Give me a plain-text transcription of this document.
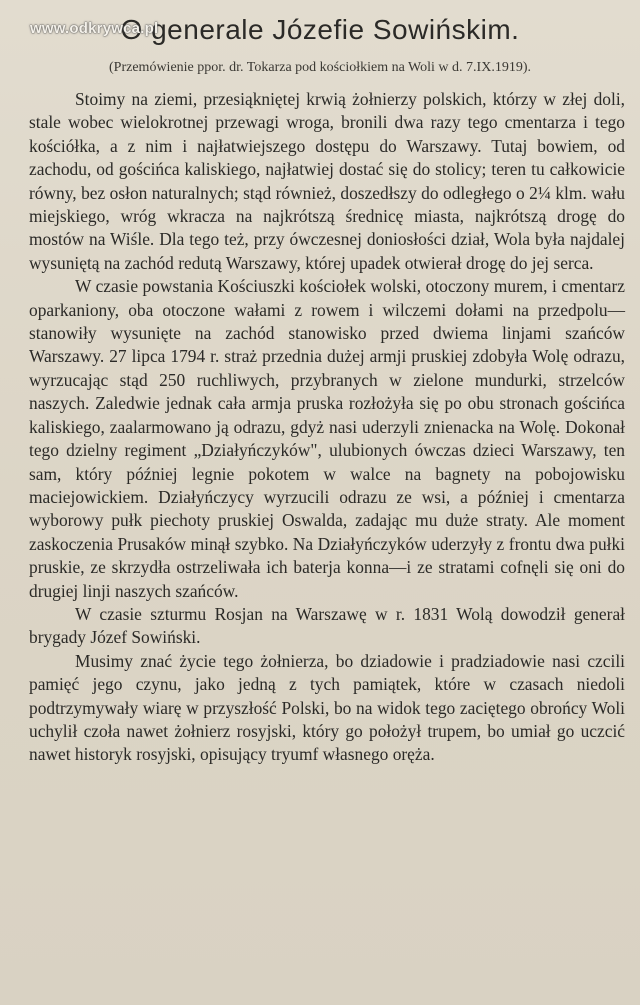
www.odkrywca.pl
O generale Józefie Sowińskim.

(Przemówienie ppor. dr. Tokarza pod kościołkiem na Woli w d. 7.IX.1919).

Stoimy na ziemi, przesiąkniętej krwią żołnierzy polskich, którzy w złej doli, stale wobec wielokrotnej przewagi wroga, bronili dwa razy tego cmentarza i tego kościółka, a z nim i najłatwiejszego dostępu do Warszawy. Tutaj bowiem, od zachodu, od gościńca kaliskiego, najłatwiej dostać się do stolicy; teren tu całkowicie równy, bez osłon naturalnych; stąd również, doszedłszy do odległego o 2¼ klm. wału miejskiego, wróg wkracza na najkrótszą średnicę miasta, najkrótszą drogę do mostów na Wiśle. Dla tego też, przy ówczesnej doniosłości dział, Wola była najdalej wysuniętą na zachód redutą Warszawy, której upadek otwierał drogę do jej serca.

W czasie powstania Kościuszki kościołek wolski, otoczony murem, i cmentarz oparkaniony, oba otoczone wałami z rowem i wilczemi dołami na przedpolu—stanowiły wysunięte na zachód stanowisko przed dwiema linjami szańców Warszawy. 27 lipca 1794 r. straż przednia dużej armji pruskiej zdobyła Wolę odrazu, wyrzucając stąd 250 ruchliwych, przybranych w zielone mundurki, strzelców naszych. Zaledwie jednak cała armja pruska rozłożyła się po obu stronach gościńca kaliskiego, zaalarmowano ją odrazu, gdyż nasi uderzyli znienacka na Wolę. Dokonał tego dzielny regiment „Działyńczyków", ulubionych ówczas dzieci Warszawy, ten sam, który później legnie pokotem w walce na bagnety na pobojowisku maciejowickiem. Działyńczycy wyrzucili odrazu ze wsi, a później i cmentarza wyborowy pułk piechoty pruskiej Oswalda, zadając mu duże straty. Ale moment zaskoczenia Prusaków minął szybko. Na Działyńczyków uderzyły z frontu dwa pułki pruskie, ze skrzydła ostrzeliwała ich baterja konna—i ze stratami cofnęli się oni do drugiej linji naszych szańców.

W czasie szturmu Rosjan na Warszawę w r. 1831 Wolą dowodził generał brygady Józef Sowiński.

Musimy znać życie tego żołnierza, bo dziadowie i pradziadowie nasi czcili pamięć jego czynu, jako jedną z tych pamiątek, które w czasach niedoli podtrzymywały wiarę w przyszłość Polski, bo na widok tego zaciętego obrońcy Woli uchylił czoła nawet żołnierz rosyjski, który go położył trupem, bo umiał go uczcić nawet historyk rosyjski, opisujący tryumf własnego oręża.
